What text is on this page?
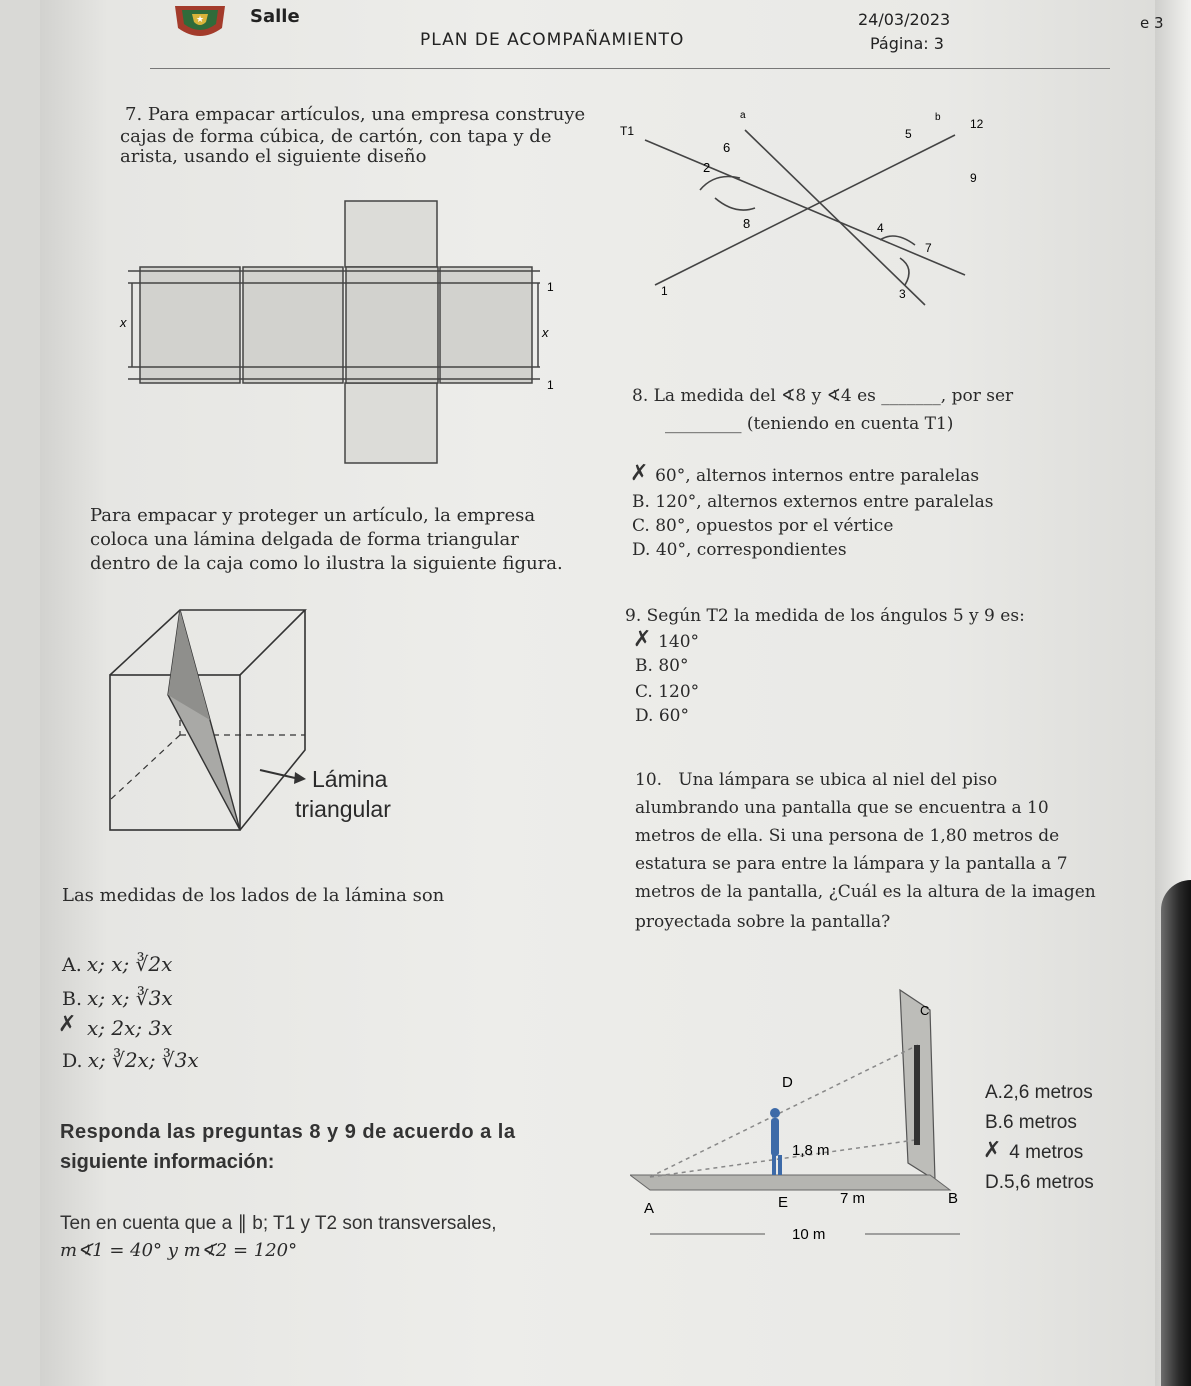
★	Salle
PLAN DE ACOMPAÑAMIENTO
24/03/2023
Página: 3
e 3
7. Para empacar artículos, una empresa construye
cajas de forma cúbica, de cartón, con tapa y de
arista, usando el siguiente diseño
x
x
1
1
Para empacar y proteger un artículo, la empresa
coloca una lámina delgada de forma triangular
dentro de la caja como lo ilustra la siguiente figura.
Lámina
triangular
Las medidas de los lados de la lámina son
A. x; x; ∛2x
B. x; x; ∛3x
✗ x; 2x; 3x
D. x; ∛2x; ∛3x
Responda las preguntas 8 y 9 de acuerdo a la
siguiente información:
Ten en cuenta que a ∥ b; T1 y T2 son transversales,
m∢1 = 40° y m∢2 = 120°
T1
a	b 12
5
6
9
2
8	4
7
1	3
8. La medida del ∢8 y ∢4 es _______, por ser
_________ (teniendo en cuenta T1)
✗ 60°, alternos internos entre paralelas
B. 120°, alternos externos entre paralelas
C. 80°, opuestos por el vértice
D. 40°, correspondientes
9. Según T2 la medida de los ángulos 5 y 9 es:
✗ 140°
B. 80°
C. 120°
D. 60°
10.   Una lámpara se ubica al niel del piso
alumbrando una pantalla que se encuentra a 10
metros de ella. Si una persona de 1,80 metros de
estatura se para entre la lámpara y la pantalla a 7
metros de la pantalla, ¿Cuál es la altura de la imagen
proyectada sobre la pantalla?
C
D
1,8 m
A	E	7 m	B
10 m
A.2,6 metros
B.6 metros
✗ 4 metros
D.5,6 metros
